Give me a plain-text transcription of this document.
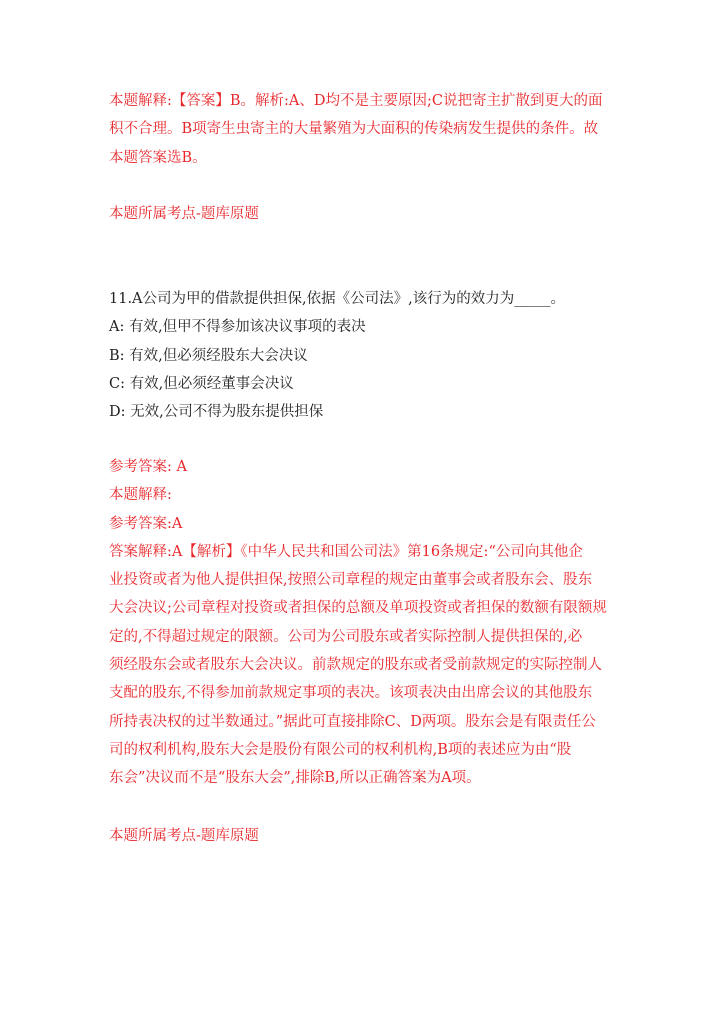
本题解释:【答案】B。解析:A、D均不是主要原因;C说把寄主扩散到更大的面
积不合理。B项寄生虫寄主的大量繁殖为大面积的传染病发生提供的条件。故
本题答案选B。
本题所属考点-题库原题
11.A公司为甲的借款提供担保,依据《公司法》,该行为的效力为_____。
A: 有效,但甲不得参加该决议事项的表决
B: 有效,但必须经股东大会决议
C: 有效,但必须经董事会决议
D: 无效,公司不得为股东提供担保
参考答案: A
本题解释:
参考答案:A
答案解释:A【解析】《中华人民共和国公司法》第16条规定:“公司向其他企
业投资或者为他人提供担保,按照公司章程的规定由董事会或者股东会、股东
大会决议;公司章程对投资或者担保的总额及单项投资或者担保的数额有限额规
定的,不得超过规定的限额。公司为公司股东或者实际控制人提供担保的,必
须经股东会或者股东大会决议。前款规定的股东或者受前款规定的实际控制人
支配的股东,不得参加前款规定事项的表决。该项表决由出席会议的其他股东
所持表决权的过半数通过。”据此可直接排除C、D两项。股东会是有限责任公
司的权利机构,股东大会是股份有限公司的权利机构,B项的表述应为由“股
东会”决议而不是“股东大会”,排除B,所以正确答案为A项。
本题所属考点-题库原题
